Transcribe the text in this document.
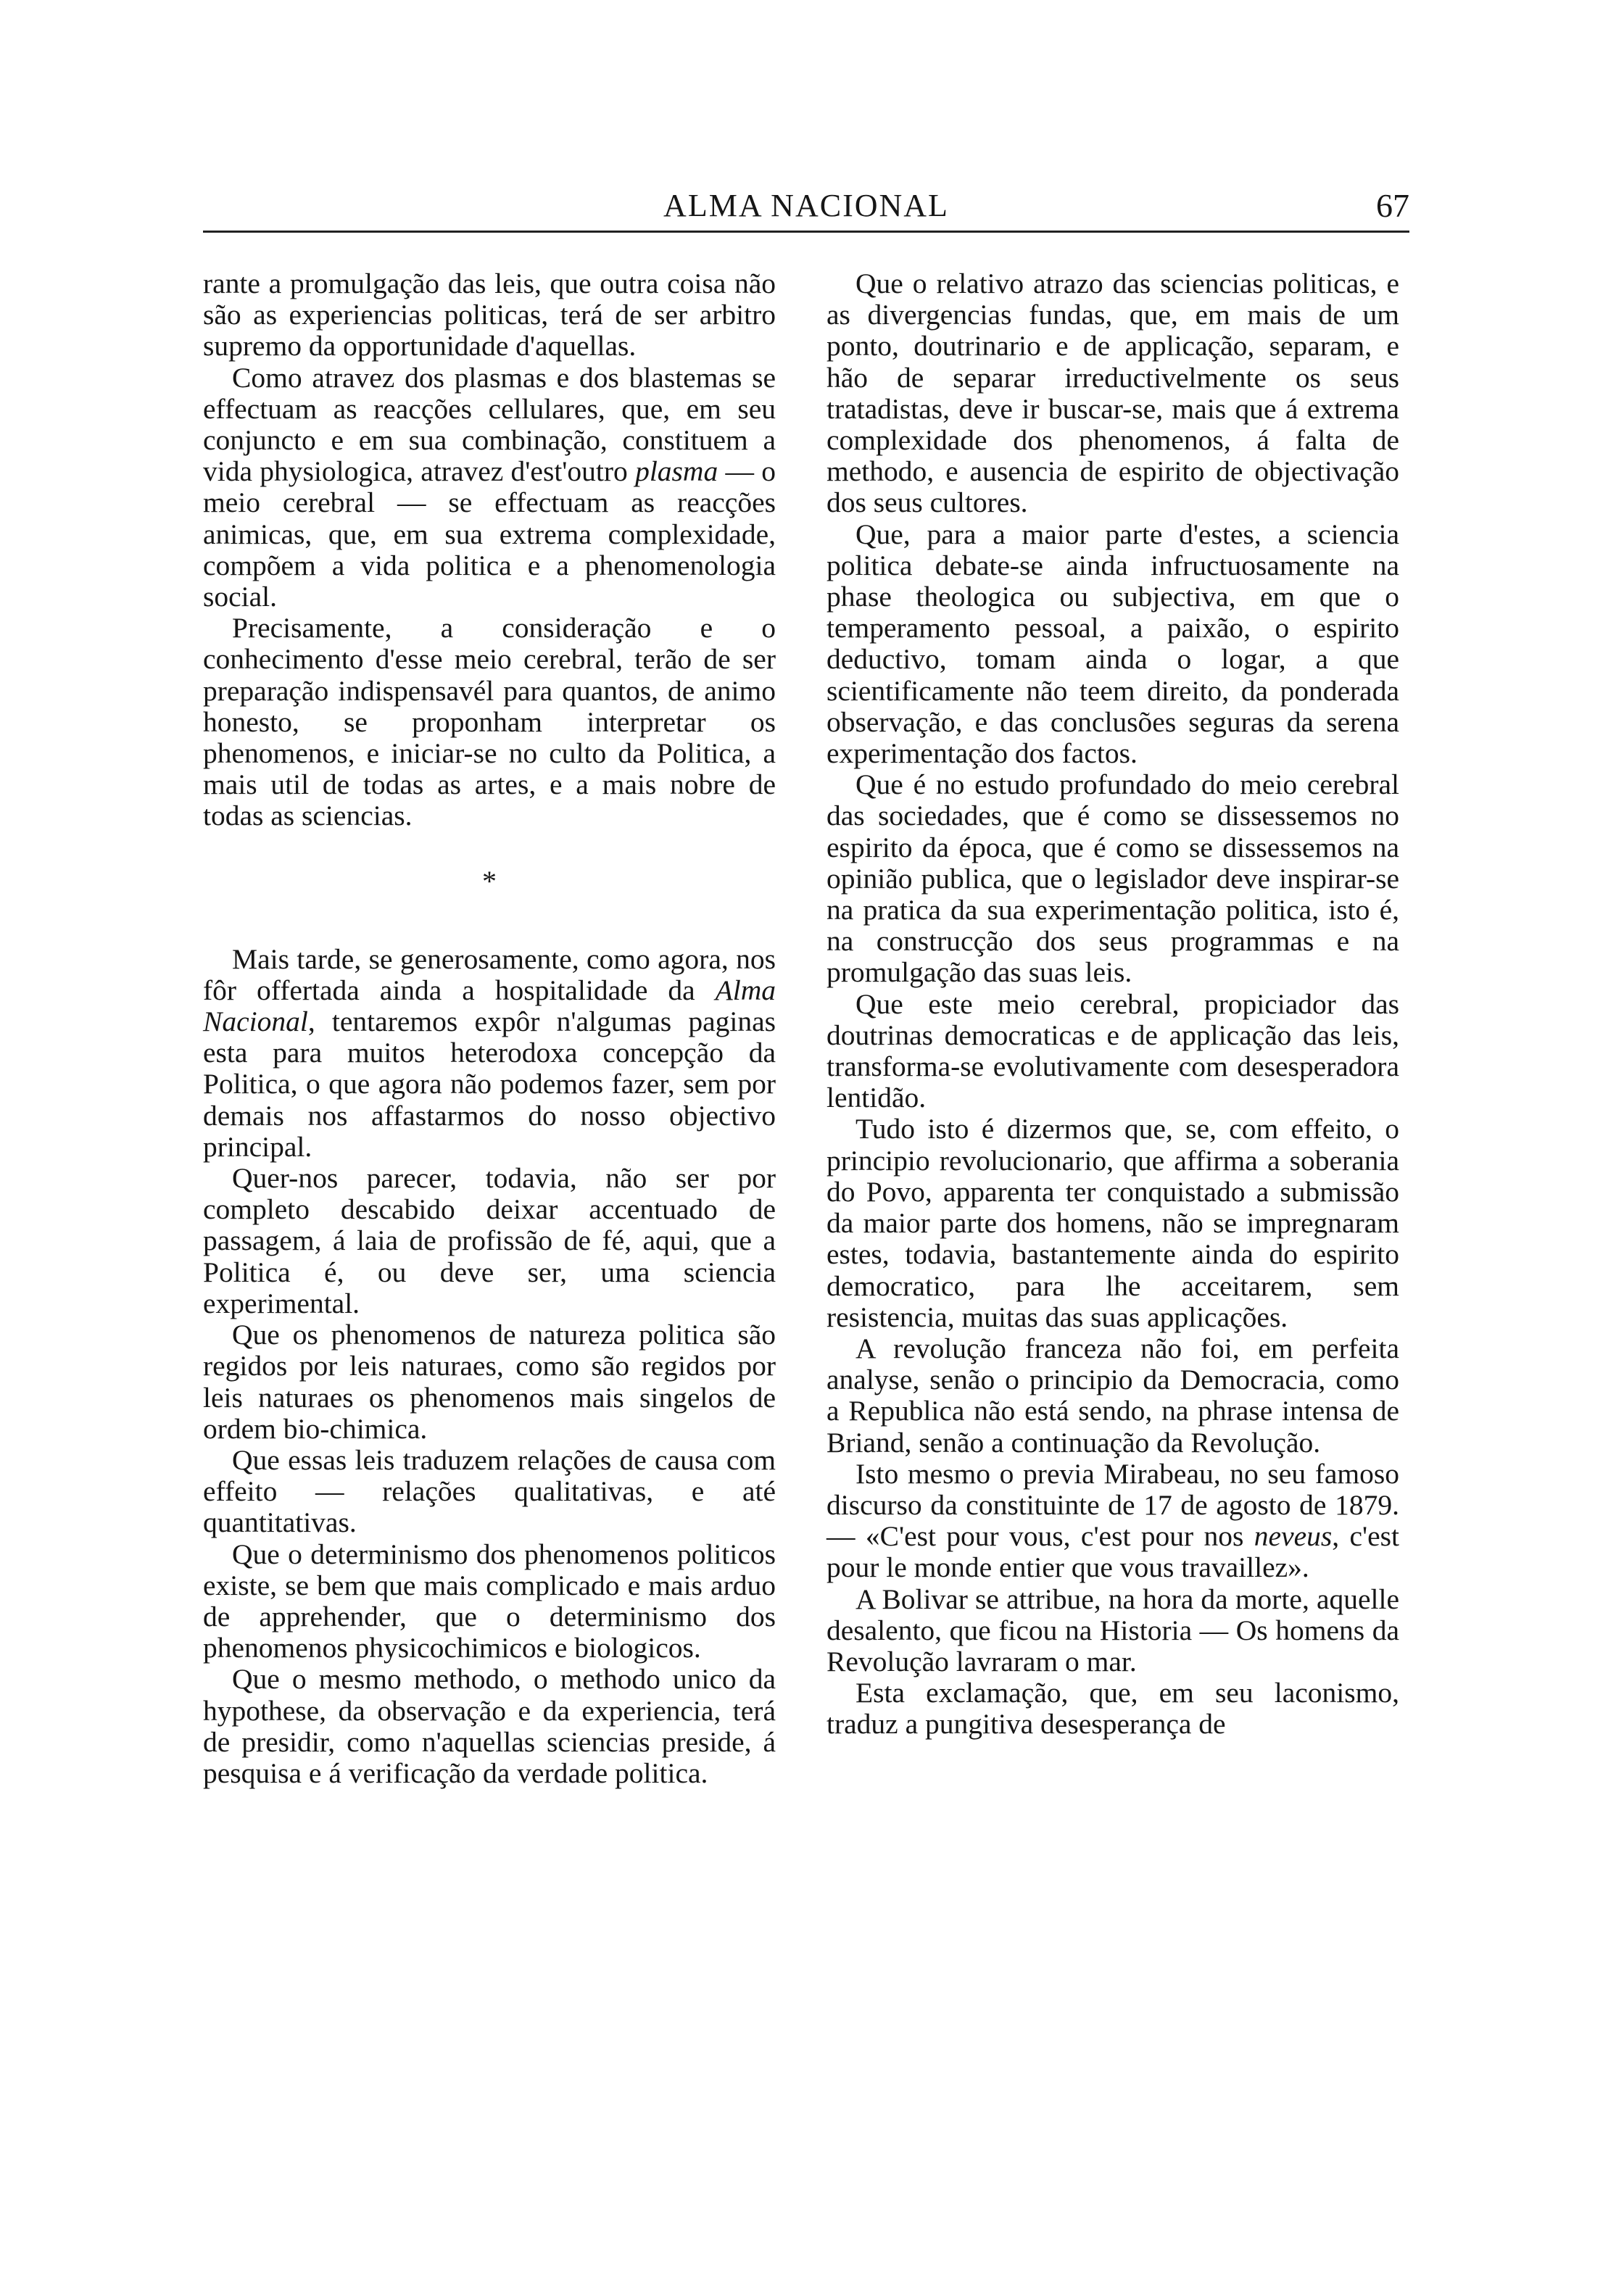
ALMA NACIONAL	67

rante a promulgação das leis, que outra coisa não são as experiencias politicas, terá de ser arbitro supremo da opportunidade d'aquellas.

Como atravez dos plasmas e dos blastemas se effectuam as reacções cellulares, que, em seu conjuncto e em sua combinação, constituem a vida physiologica, atravez d'est'outro plasma — o meio cerebral — se effectuam as reacções animicas, que, em sua extrema complexidade, compõem a vida politica e a phenomenologia social.

Precisamente, a consideração e o conhecimento d'esse meio cerebral, terão de ser preparação indispensavél para quantos, de animo honesto, se proponham interpretar os phenomenos, e iniciar-se no culto da Politica, a mais util de todas as artes, e a mais nobre de todas as sciencias.

*

Mais tarde, se generosamente, como agora, nos fôr offertada ainda a hospitalidade da Alma Nacional, tentaremos expôr n'algumas paginas esta para muitos heterodoxa concepção da Politica, o que agora não podemos fazer, sem por demais nos affastarmos do nosso objectivo principal.

Quer-nos parecer, todavia, não ser por completo descabido deixar accentuado de passagem, á laia de profissão de fé, aqui, que a Politica é, ou deve ser, uma sciencia experimental.

Que os phenomenos de natureza politica são regidos por leis naturaes, como são regidos por leis naturaes os phenomenos mais singelos de ordem bio-chimica.

Que essas leis traduzem relações de causa com effeito — relações qualitativas, e até quantitativas.

Que o determinismo dos phenomenos politicos existe, se bem que mais complicado e mais arduo de apprehender, que o determinismo dos phenomenos physicochimicos e biologicos.

Que o mesmo methodo, o methodo unico da hypothese, da observação e da experiencia, terá de presidir, como n'aquellas sciencias preside, á pesquisa e á verificação da verdade politica.

Que o relativo atrazo das sciencias politicas, e as divergencias fundas, que, em mais de um ponto, doutrinario e de applicação, separam, e hão de separar irreductivelmente os seus tratadistas, deve ir buscar-se, mais que á extrema complexidade dos phenomenos, á falta de methodo, e ausencia de espirito de objectivação dos seus cultores.

Que, para a maior parte d'estes, a sciencia politica debate-se ainda infructuosamente na phase theologica ou subjectiva, em que o temperamento pessoal, a paixão, o espirito deductivo, tomam ainda o logar, a que scientificamente não teem direito, da ponderada observação, e das conclusões seguras da serena experimentação dos factos.

Que é no estudo profundado do meio cerebral das sociedades, que é como se dissessemos no espirito da época, que é como se dissessemos na opinião publica, que o legislador deve inspirar-se na pratica da sua experimentação politica, isto é, na construcção dos seus programmas e na promulgação das suas leis.

Que este meio cerebral, propiciador das doutrinas democraticas e de applicação das leis, transforma-se evolutivamente com desesperadora lentidão.

Tudo isto é dizermos que, se, com effeito, o principio revolucionario, que affirma a soberania do Povo, apparenta ter conquistado a submissão da maior parte dos homens, não se impregnaram estes, todavia, bastantemente ainda do espirito democratico, para lhe acceitarem, sem resistencia, muitas das suas applicações.

A revolução franceza não foi, em perfeita analyse, senão o principio da Democracia, como a Republica não está sendo, na phrase intensa de Briand, senão a continuação da Revolução.

Isto mesmo o previa Mirabeau, no seu famoso discurso da constituinte de 17 de agosto de 1879. — «C'est pour vous, c'est pour nos neveus, c'est pour le monde entier que vous travaillez».

A Bolivar se attribue, na hora da morte, aquelle desalento, que ficou na Historia — Os homens da Revolução lavraram o mar.

Esta exclamação, que, em seu laconismo, traduz a pungitiva desesperança de
